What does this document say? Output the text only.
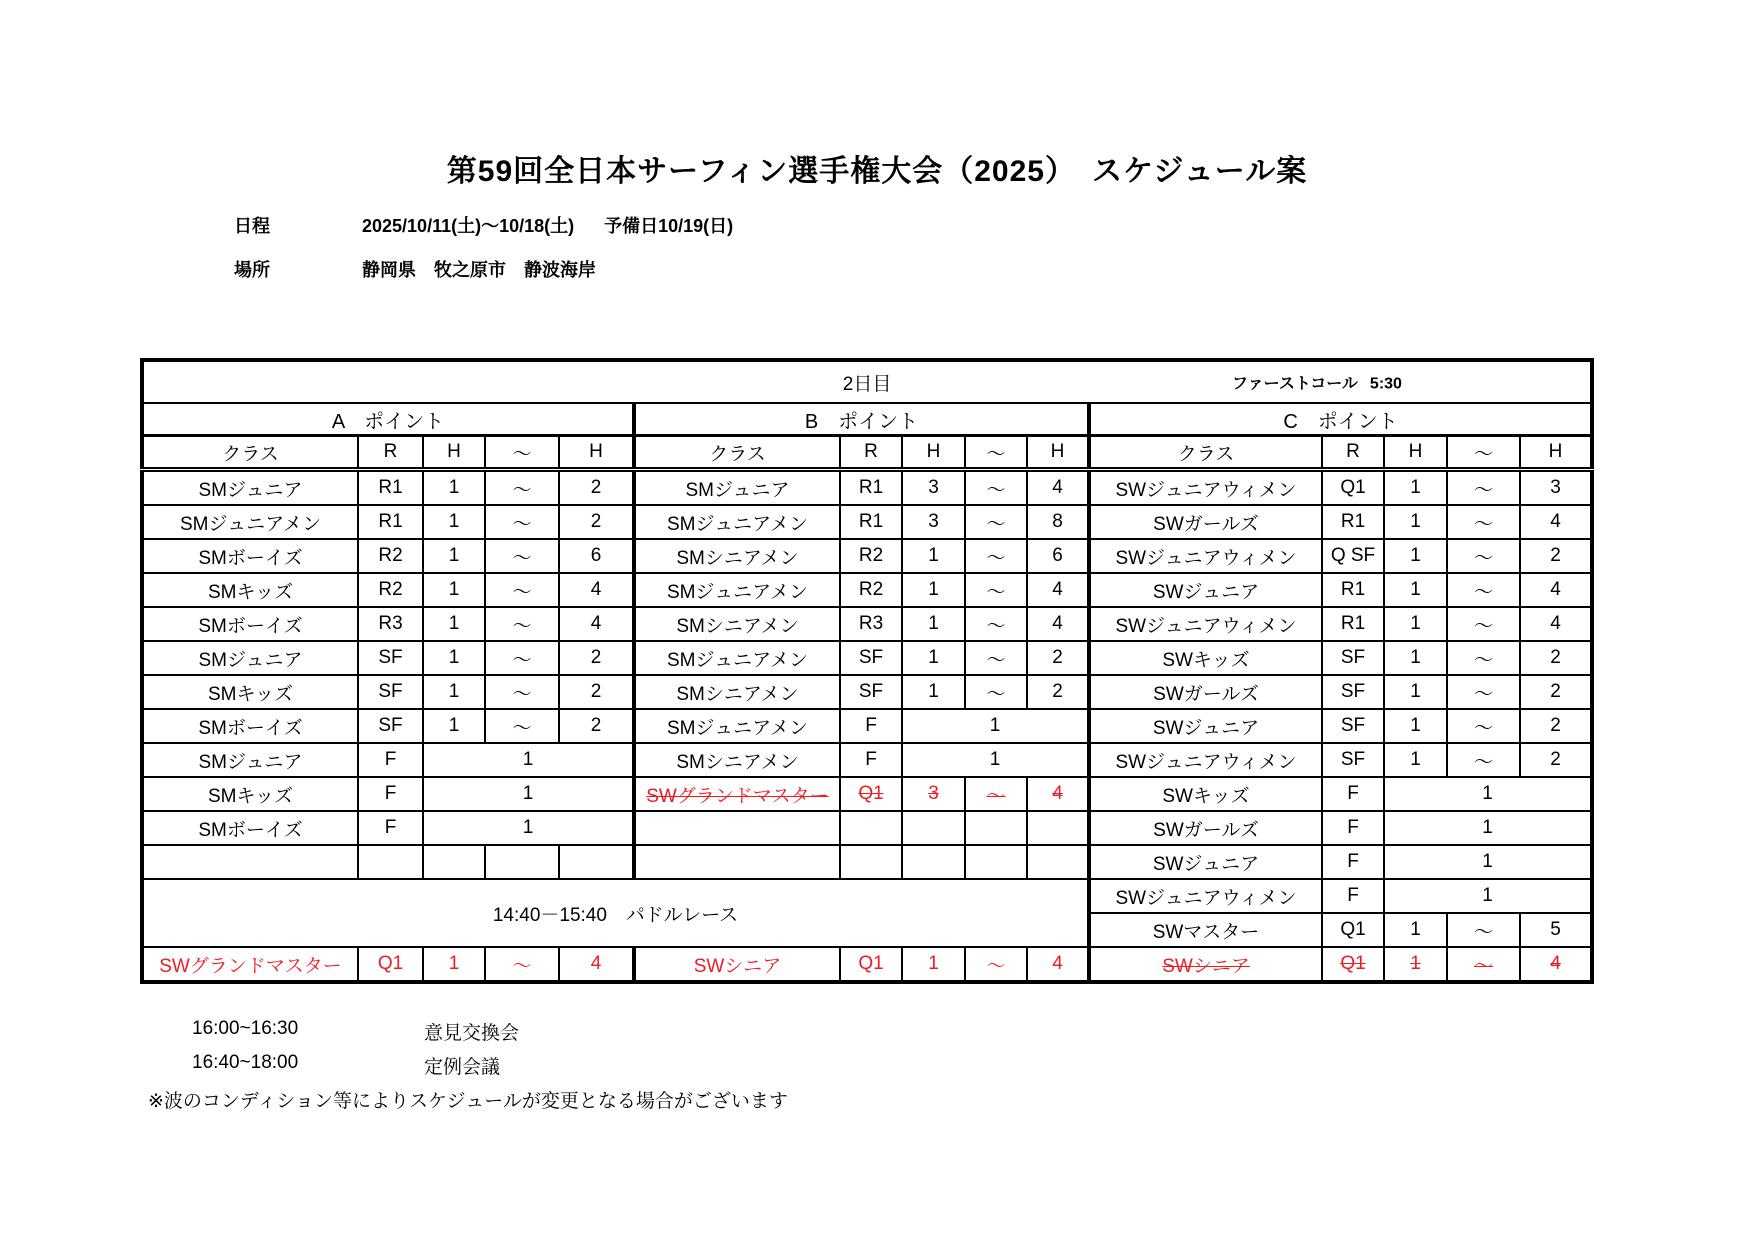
第59回全日本サーフィン選手権大会（2025）　スケジュール案
日程	2025/10/11(土)～10/18(土) 予備日10/19(日)
場所	静岡県　牧之原市　静波海岸
2日目 ファーストコール 5:30														

A　ポイント					B　ポイント					C　ポイント				
クラス	R	H	～	H	クラス	R	H	～	H	クラス	R	H	～	H
SMジュニア	R1	1	～	2	SMジュニア	R1	3	～	4	SWジュニアウィメン	Q1	1	～	3
SMジュニアメン	R1	1	～	2	SMジュニアメン	R1	3	～	8	SWガールズ	R1	1	～	4
SMボーイズ	R2	1	～	6	SMシニアメン	R2	1	～	6	SWジュニアウィメン	Q SF	1	～	2
SMキッズ	R2	1	～	4	SMジュニアメン	R2	1	～	4	SWジュニア	R1	1	～	4
SMボーイズ	R3	1	～	4	SMシニアメン	R3	1	～	4	SWジュニアウィメン	R1	1	～	4
SMジュニア	SF	1	～	2	SMジュニアメン	SF	1	～	2	SWキッズ	SF	1	～	2
SMキッズ	SF	1	～	2	SMシニアメン	SF	1	～	2	SWガールズ	SF	1	～	2
SMボーイズ	SF	1	～	2	SMジュニアメン	F	1			SWジュニア	SF	1	～	2
SMジュニア	F	1			SMシニアメン	F	1			SWジュニアウィメン	SF	1	～	2
SMキッズ	F	1			SWグランドマスター	Q1	3	～	4	SWキッズ	F	1		
SMボーイズ	F	1								SWガールズ	F	1		
										SWジュニア	F	1		
14:40－15:40　パドルレース										SWジュニアウィメン	F	1		
										SWマスター	Q1	1	～	5
SWグランドマスター	Q1	1	～	4	SWシニア	Q1	1	～	4	SWシニア	Q1	1	～	4
16:00~16:30	意見交換会
16:40~18:00	定例会議
※波のコンディション等によりスケジュールが変更となる場合がございます
